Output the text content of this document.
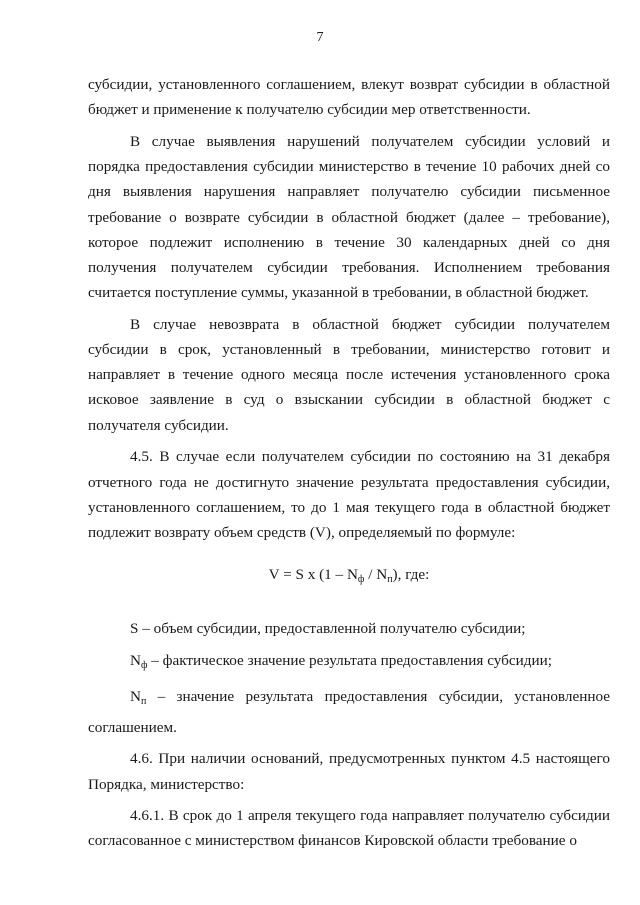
7

субсидии, установленного соглашением, влекут возврат субсидии в областной бюджет и применение к получателю субсидии мер ответственности.

В случае выявления нарушений получателем субсидии условий и порядка предоставления субсидии министерство в течение 10 рабочих дней со дня выявления нарушения направляет получателю субсидии письменное требование о возврате субсидии в областной бюджет (далее – требование), которое подлежит исполнению в течение 30 календарных дней со дня получения получателем субсидии требования. Исполнением требования считается поступление суммы, указанной в требовании, в областной бюджет.

В случае невозврата в областной бюджет субсидии получателем субсидии в срок, установленный в требовании, министерство готовит и направляет в течение одного месяца после истечения установленного срока исковое заявление в суд о взыскании субсидии в областной бюджет с получателя субсидии.

4.5. В случае если получателем субсидии по состоянию на 31 декабря отчетного года не достигнуто значение результата предоставления субсидии, установленного соглашением, то до 1 мая текущего года в областной бюджет подлежит возврату объем средств (V), определяемый по формуле:

V = S x $(1 - N_ф / N_п)$, где:

S – объем субсидии, предоставленной получателю субсидии;

$N_ф$ – фактическое значение результата предоставления субсидии;

$N_п$ – значение результата предоставления субсидии, установленное соглашением.

4.6. При наличии оснований, предусмотренных пунктом 4.5 настоящего Порядка, министерство:

4.6.1. В срок до 1 апреля текущего года направляет получателю субсидии согласованное с министерством финансов Кировской области требование о
